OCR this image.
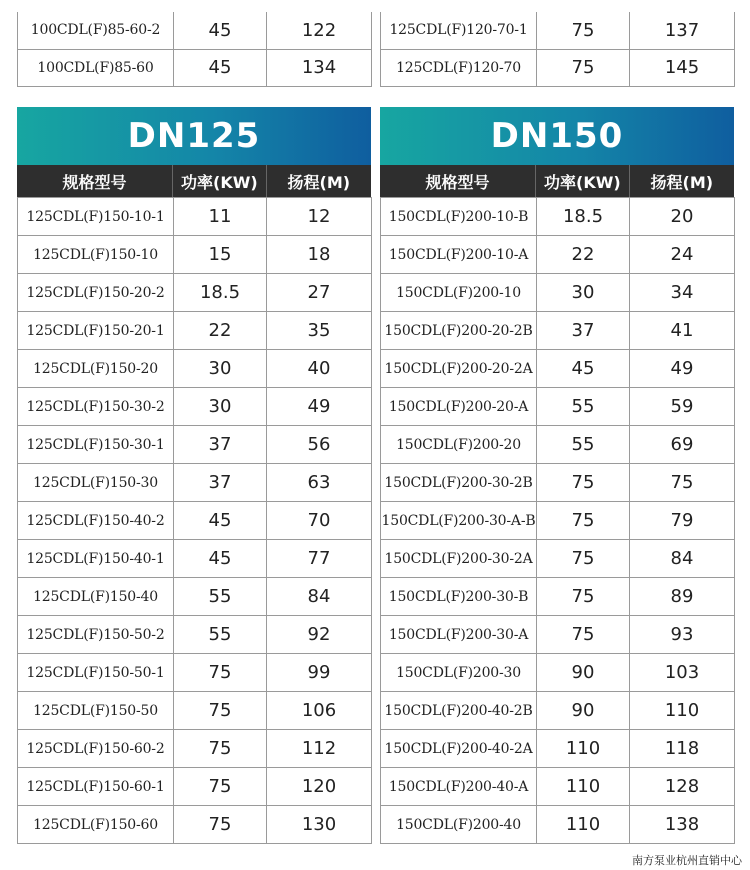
100CDL(F)85-60-2	45	122
100CDL(F)85-60	45	134
125CDL(F)120-70-1	75	137
125CDL(F)120-70	75	145
DN125
规格型号	功率(KW)	扬程(M)
125CDL(F)150-10-1	11	12
125CDL(F)150-10	15	18
125CDL(F)150-20-2	18.5	27
125CDL(F)150-20-1	22	35
125CDL(F)150-20	30	40
125CDL(F)150-30-2	30	49
125CDL(F)150-30-1	37	56
125CDL(F)150-30	37	63
125CDL(F)150-40-2	45	70
125CDL(F)150-40-1	45	77
125CDL(F)150-40	55	84
125CDL(F)150-50-2	55	92
125CDL(F)150-50-1	75	99
125CDL(F)150-50	75	106
125CDL(F)150-60-2	75	112
125CDL(F)150-60-1	75	120
125CDL(F)150-60	75	130
DN150
规格型号	功率(KW)	扬程(M)
150CDL(F)200-10-B	18.5	20
150CDL(F)200-10-A	22	24
150CDL(F)200-10	30	34
150CDL(F)200-20-2B	37	41
150CDL(F)200-20-2A	45	49
150CDL(F)200-20-A	55	59
150CDL(F)200-20	55	69
150CDL(F)200-30-2B	75	75
150CDL(F)200-30-A-B	75	79
150CDL(F)200-30-2A	75	84
150CDL(F)200-30-B	75	89
150CDL(F)200-30-A	75	93
150CDL(F)200-30	90	103
150CDL(F)200-40-2B	90	110
150CDL(F)200-40-2A	110	118
150CDL(F)200-40-A	110	128
150CDL(F)200-40	110	138
南方泵业杭州直销中心
